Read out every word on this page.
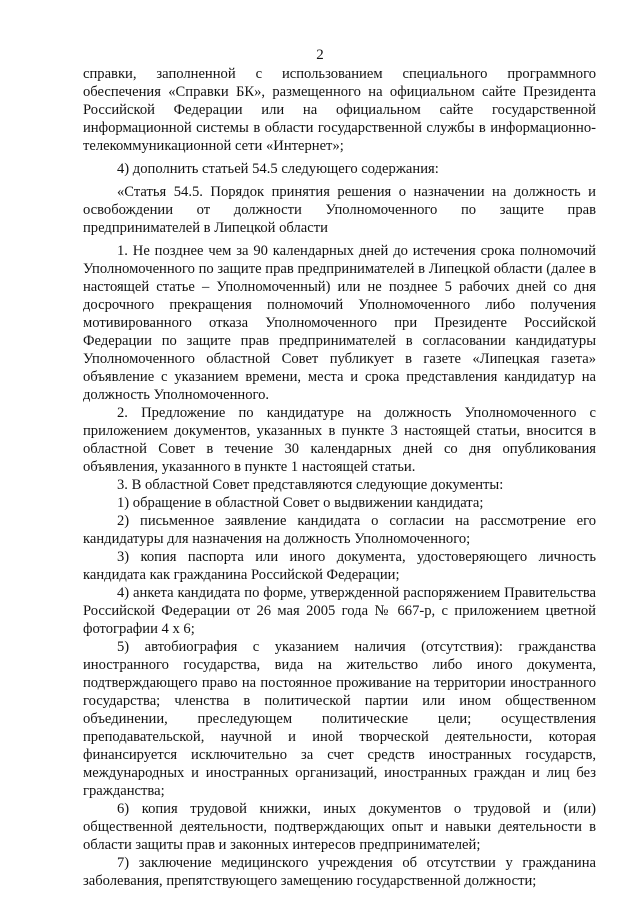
2

справки, заполненной с использованием специального программного обеспечения «Справки БК», размещенного на официальном сайте Президента Российской Федерации или на официальном сайте государственной информационной системы в области государственной службы в информационно-телекоммуникационной сети «Интернет»;

4) дополнить статьей 54.5 следующего содержания:

«Статья 54.5. Порядок принятия решения о назначении на должность и освобождении от должности Уполномоченного по защите прав предпринимателей в Липецкой области

1. Не позднее чем за 90 календарных дней до истечения срока полномочий Уполномоченного по защите прав предпринимателей в Липецкой области (далее в настоящей статье – Уполномоченный) или не позднее 5 рабочих дней со дня досрочного прекращения полномочий Уполномоченного либо получения мотивированного отказа Уполномоченного при Президенте Российской Федерации по защите прав предпринимателей в согласовании кандидатуры Уполномоченного областной Совет публикует в газете «Липецкая газета» объявление с указанием времени, места и срока представления кандидатур на должность Уполномоченного.

2. Предложение по кандидатуре на должность Уполномоченного с приложением документов, указанных в пункте 3 настоящей статьи, вносится в областной Совет в течение 30 календарных дней со дня опубликования объявления, указанного в пункте 1 настоящей статьи.

3. В областной Совет представляются следующие документы:

1) обращение в областной Совет о выдвижении кандидата;

2) письменное заявление кандидата о согласии на рассмотрение его кандидатуры для назначения на должность Уполномоченного;

3) копия паспорта или иного документа, удостоверяющего личность кандидата как гражданина Российской Федерации;

4) анкета кандидата по форме, утвержденной распоряжением Правительства Российской Федерации от 26 мая 2005 года № 667-р, с приложением цветной фотографии 4 х 6;

5) автобиография с указанием наличия (отсутствия): гражданства иностранного государства, вида на жительство либо иного документа, подтверждающего право на постоянное проживание на территории иностранного государства; членства в политической партии или ином общественном объединении, преследующем политические цели; осуществления преподавательской, научной и иной творческой деятельности, которая финансируется исключительно за счет средств иностранных государств, международных и иностранных организаций, иностранных граждан и лиц без гражданства;

6) копия трудовой книжки, иных документов о трудовой и (или) общественной деятельности, подтверждающих опыт и навыки деятельности в области защиты прав и законных интересов предпринимателей;

7) заключение медицинского учреждения об отсутствии у гражданина заболевания, препятствующего замещению государственной должности;
